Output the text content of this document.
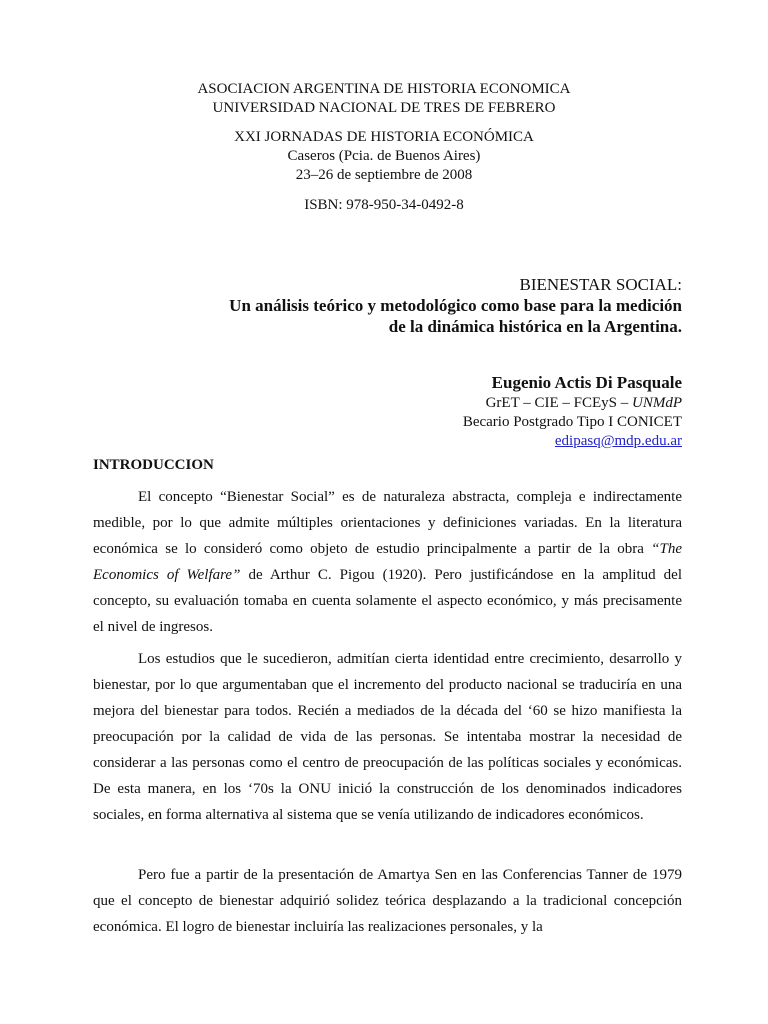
ASOCIACION ARGENTINA DE HISTORIA ECONOMICA
UNIVERSIDAD NACIONAL DE TRES DE FEBRERO
XXI JORNADAS DE HISTORIA ECONÓMICA
Caseros (Pcia. de Buenos Aires)
23–26 de septiembre de 2008
ISBN: 978-950-34-0492-8
BIENESTAR SOCIAL:
Un análisis teórico y metodológico como base para la medición
de la dinámica histórica en la Argentina.
Eugenio Actis Di Pasquale
GrET – CIE – FCEyS – UNMdP
Becario Postgrado Tipo I CONICET
edipasq@mdp.edu.ar
INTRODUCCION

El concepto “Bienestar Social” es de naturaleza abstracta, compleja e indirectamente medible, por lo que admite múltiples orientaciones y definiciones variadas. En la literatura económica se lo consideró como objeto de estudio principalmente a partir de la obra “The Economics of Welfare” de Arthur C. Pigou (1920). Pero justificándose en la amplitud del concepto, su evaluación tomaba en cuenta solamente el aspecto económico, y más precisamente el nivel de ingresos.

Los estudios que le sucedieron, admitían cierta identidad entre crecimiento, desarrollo y bienestar, por lo que argumentaban que el incremento del producto nacional se traduciría en una mejora del bienestar para todos. Recién a mediados de la década del ‘60 se hizo manifiesta la preocupación por la calidad de vida de las personas. Se intentaba mostrar la necesidad de considerar a las personas como el centro de preocupación de las políticas sociales y económicas. De esta manera, en los ‘70s la ONU inició la construcción de los denominados indicadores sociales, en forma alternativa al sistema que se venía utilizando de indicadores económicos.

Pero fue a partir de la presentación de Amartya Sen en las Conferencias Tanner de 1979 que el concepto de bienestar adquirió solidez teórica desplazando a la tradicional concepción económica. El logro de bienestar incluiría las realizaciones personales, y la
